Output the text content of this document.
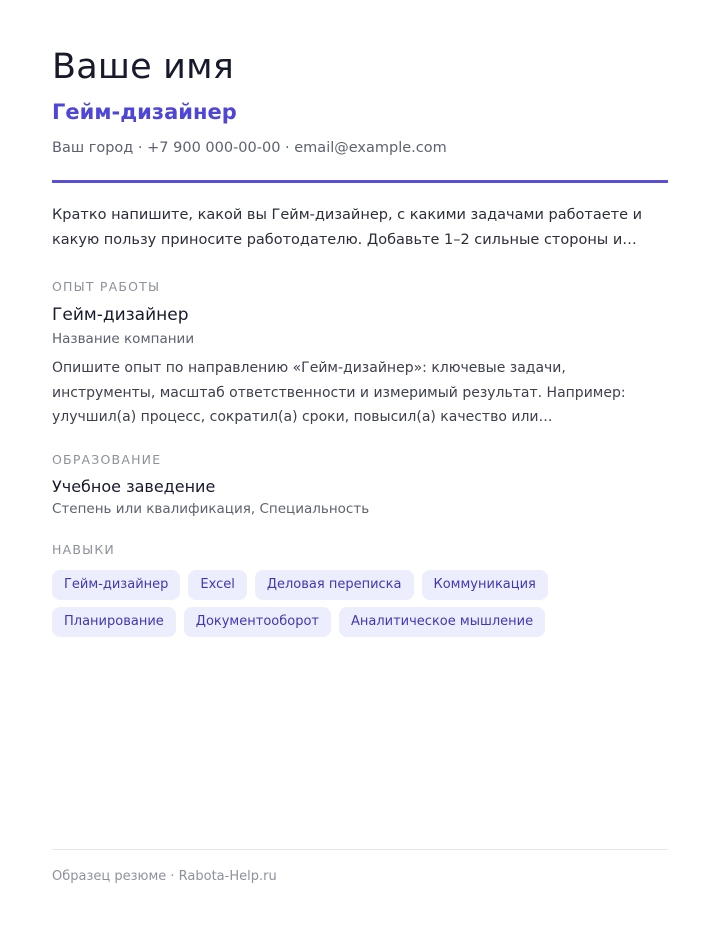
Ваше имя
Гейм-дизайнер
Ваш город · +7 900 000-00-00 · email@example.com

Кратко напишите, какой вы Гейм-дизайнер, с какими задачами работаете и какую пользу приносите работодателю. Добавьте 1–2 сильные стороны и…

ОПЫТ РАБОТЫ
Гейм-дизайнер
Название компании

Опишите опыт по направлению «Гейм-дизайнер»: ключевые задачи, инструменты, масштаб ответственности и измеримый результат. Например: улучшил(а) процесс, сократил(а) сроки, повысил(а) качество или…

ОБРАЗОВАНИЕ
Учебное заведение
Степень или квалификация, Специальность
НАВЫКИ
Гейм-дизайнер	Excel	Деловая переписка	Коммуникация
Планирование	Документооборот	Аналитическое мышление
Образец резюме · Rabota-Help.ru
